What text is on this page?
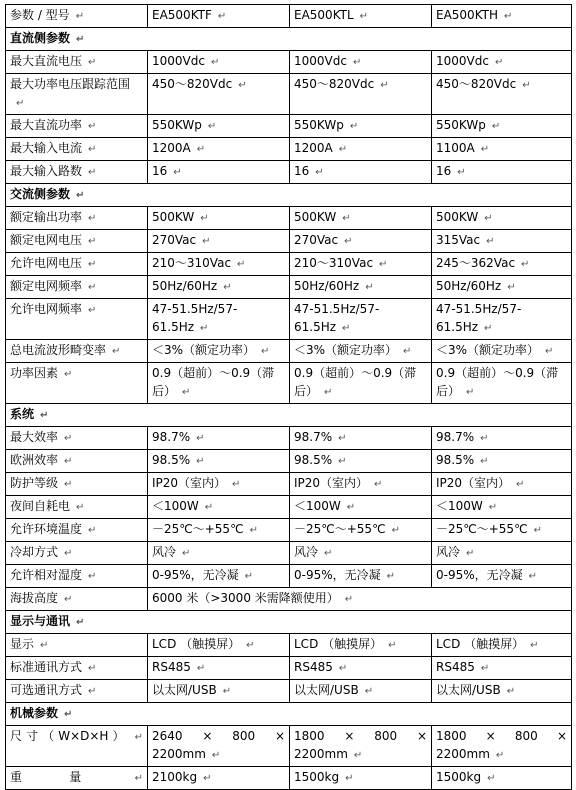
参数 / 型号 ↵	EA500KTF ↵	EA500KTL ↵	EA500KTH ↵
直流侧参数 ↵			
最大直流电压 ↵	1000Vdc ↵	1000Vdc ↵	1000Vdc ↵
最大功率电压跟踪范围↵	450～820Vdc ↵	450～820Vdc ↵	450～820Vdc ↵
最大直流功率 ↵	550KWp ↵	550KWp ↵	550KWp ↵
最大输入电流 ↵	1200A ↵	1200A ↵	1100A ↵
最大输入路数 ↵	16 ↵	16 ↵	16 ↵
交流侧参数 ↵			
额定输出功率 ↵	500KW ↵	500KW ↵	500KW ↵
额定电网电压 ↵	270Vac ↵	270Vac ↵	315Vac ↵
允许电网电压 ↵	210～310Vac ↵	210～310Vac ↵	245～362Vac ↵
额定电网频率 ↵	50Hz/60Hz ↵	50Hz/60Hz ↵	50Hz/60Hz ↵
允许电网频率 ↵	47-51.5Hz/57-61.5Hz ↵	47-51.5Hz/57-61.5Hz ↵	47-51.5Hz/57-61.5Hz ↵
总电流波形畸变率 ↵	＜3%（额定功率） ↵	＜3%（额定功率） ↵	＜3%（额定功率） ↵
功率因素 ↵	0.9（超前）～0.9（滞后） ↵	0.9（超前）～0.9（滞后） ↵	0.9（超前）～0.9（滞后） ↵
系统 ↵			
最大效率 ↵	98.7% ↵	98.7% ↵	98.7% ↵
欧洲效率 ↵	98.5% ↵	98.5% ↵	98.5% ↵
防护等级 ↵	IP20（室内） ↵	IP20（室内） ↵	IP20（室内） ↵
夜间自耗电 ↵	＜100W ↵	＜100W ↵	＜100W ↵
允许环境温度 ↵	－25℃～+55℃ ↵	－25℃～+55℃ ↵	－25℃～+55℃ ↵
冷却方式 ↵	风冷 ↵	风冷 ↵	风冷 ↵
允许相对湿度 ↵	0-95%，无冷凝 ↵	0-95%，无冷凝 ↵	0-95%，无冷凝 ↵
海拔高度 ↵	6000 米（>3000 米需降额使用） ↵		
显示与通讯 ↵			
显示 ↵	LCD （触摸屏） ↵	LCD （触摸屏） ↵	LCD （触摸屏） ↵
标准通讯方式 ↵	RS485 ↵	RS485 ↵	RS485 ↵
可选通讯方式 ↵	以太网/USB ↵	以太网/USB ↵	以太网/USB ↵
机械参数 ↵			
尺寸（W×D×H） ↵	2640 × 800 × 2200mm ↵	1800 × 800 × 2200mm ↵	1800 × 800 × 2200mm ↵
重量 ↵	2100kg ↵	1500kg ↵	1500kg ↵
